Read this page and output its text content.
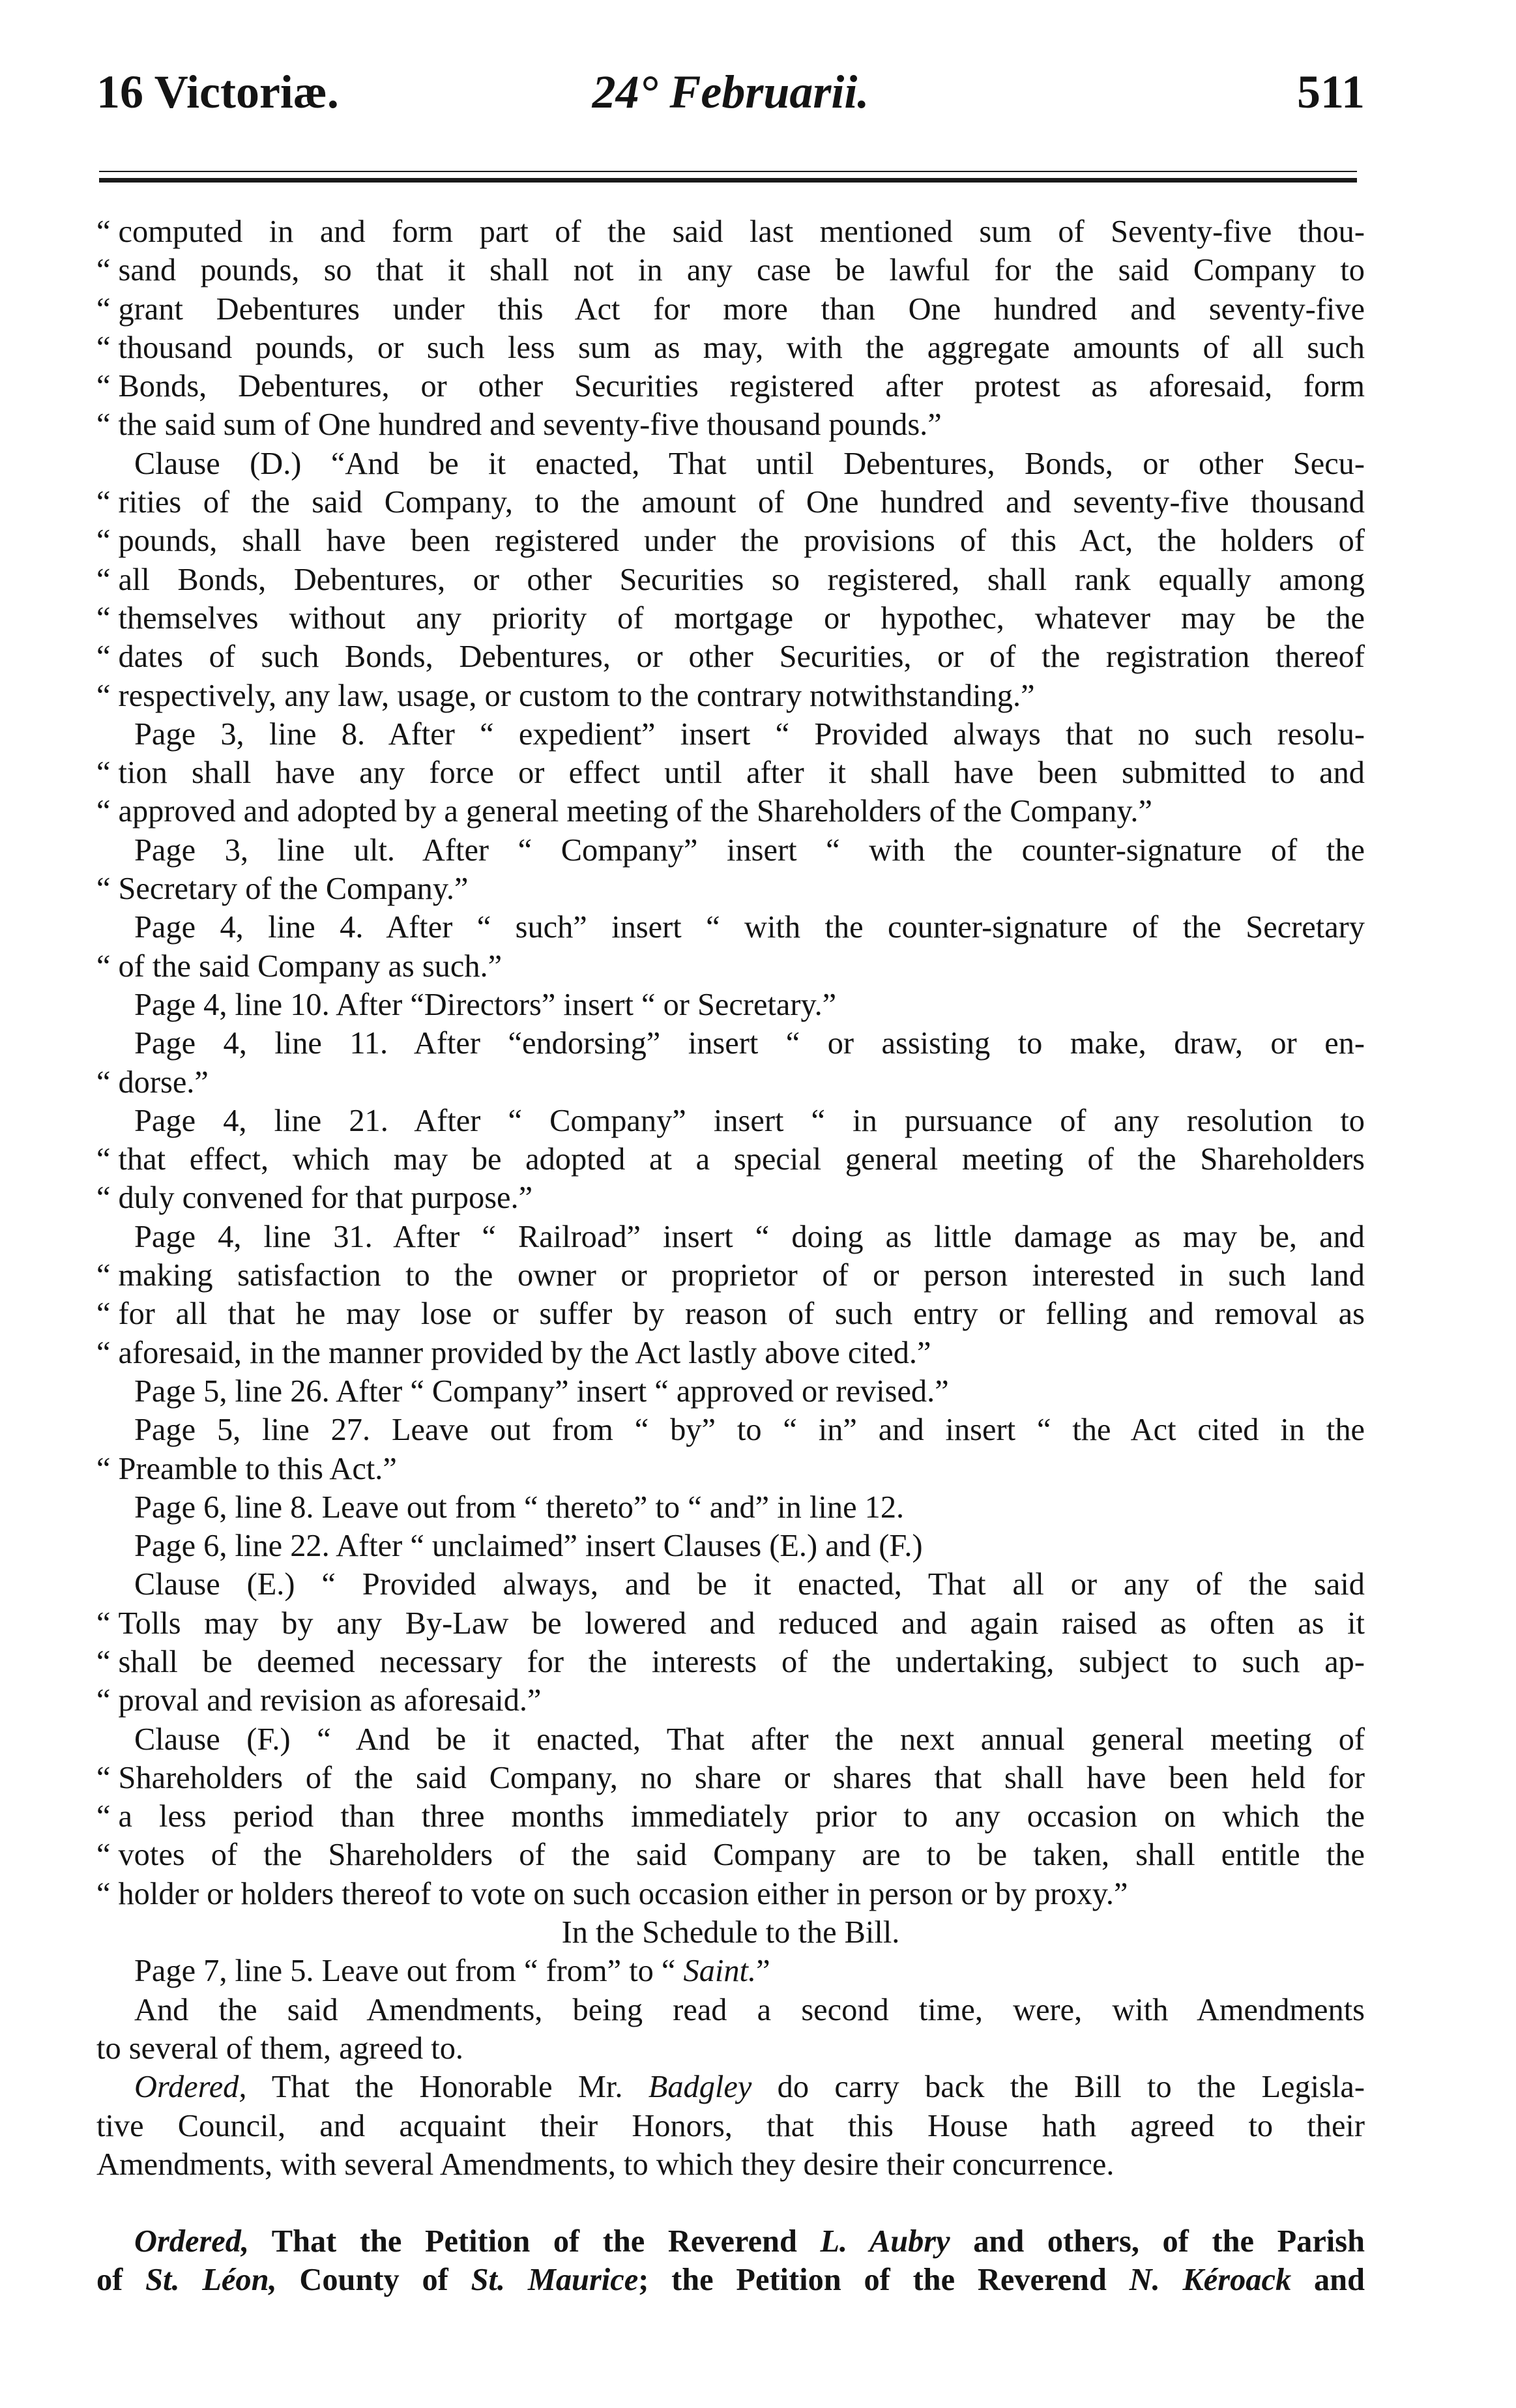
16 Victoriæ.	24° Februarii.	511
“ computed in and form part of the said last mentioned sum of Seventy-five thou-
“ sand pounds, so that it shall not in any case be lawful for the said Company to
“ grant Debentures under this Act for more than One hundred and seventy-five
“ thousand pounds, or such less sum as may, with the aggregate amounts of all such
“ Bonds, Debentures, or other Securities registered after protest as aforesaid, form
“ the said sum of One hundred and seventy-five thousand pounds.”
Clause (D.) “And be it enacted, That until Debentures, Bonds, or other Secu-
“ rities of the said Company, to the amount of One hundred and seventy-five thousand
“ pounds, shall have been registered under the provisions of this Act, the holders of
“ all Bonds, Debentures, or other Securities so registered, shall rank equally among
“ themselves without any priority of mortgage or hypothec, whatever may be the
“ dates of such Bonds, Debentures, or other Securities, or of the registration thereof
“ respectively, any law, usage, or custom to the contrary notwithstanding.”
Page 3, line 8. After “ expedient” insert “ Provided always that no such resolu-
“ tion shall have any force or effect until after it shall have been submitted to and
“ approved and adopted by a general meeting of the Shareholders of the Company.”
Page 3, line ult. After “ Company” insert “ with the counter-signature of the
“ Secretary of the Company.”
Page 4, line 4. After “ such” insert “ with the counter-signature of the Secretary
“ of the said Company as such.”
Page 4, line 10. After “Directors” insert “ or Secretary.”
Page 4, line 11. After “endorsing” insert “ or assisting to make, draw, or en-
“ dorse.”
Page 4, line 21. After “ Company” insert “ in pursuance of any resolution to
“ that effect, which may be adopted at a special general meeting of the Shareholders
“ duly convened for that purpose.”
Page 4, line 31. After “ Railroad” insert “ doing as little damage as may be, and
“ making satisfaction to the owner or proprietor of or person interested in such land
“ for all that he may lose or suffer by reason of such entry or felling and removal as
“ aforesaid, in the manner provided by the Act lastly above cited.”
Page 5, line 26. After “ Company” insert “ approved or revised.”
Page 5, line 27. Leave out from “ by” to “ in” and insert “ the Act cited in the
“ Preamble to this Act.”
Page 6, line 8. Leave out from “ thereto” to “ and” in line 12.
Page 6, line 22. After “ unclaimed” insert Clauses (E.) and (F.)
Clause (E.) “ Provided always, and be it enacted, That all or any of the said
“ Tolls may by any By-Law be lowered and reduced and again raised as often as it
“ shall be deemed necessary for the interests of the undertaking, subject to such ap-
“ proval and revision as aforesaid.”
Clause (F.) “ And be it enacted, That after the next annual general meeting of
“ Shareholders of the said Company, no share or shares that shall have been held for
“ a less period than three months immediately prior to any occasion on which the
“ votes of the Shareholders of the said Company are to be taken, shall entitle the
“ holder or holders thereof to vote on such occasion either in person or by proxy.”
In the Schedule to the Bill.
Page 7, line 5. Leave out from “ from” to “ Saint.”
And the said Amendments, being read a second time, were, with Amendments
to several of them, agreed to.
Ordered, That the Honorable Mr. Badgley do carry back the Bill to the Legisla-
tive Council, and acquaint their Honors, that this House hath agreed to their
Amendments, with several Amendments, to which they desire their concurrence.
Ordered, That the Petition of the Reverend L. Aubry and others, of the Parish
of St. Léon, County of St. Maurice; the Petition of the Reverend N. Kéroack and
